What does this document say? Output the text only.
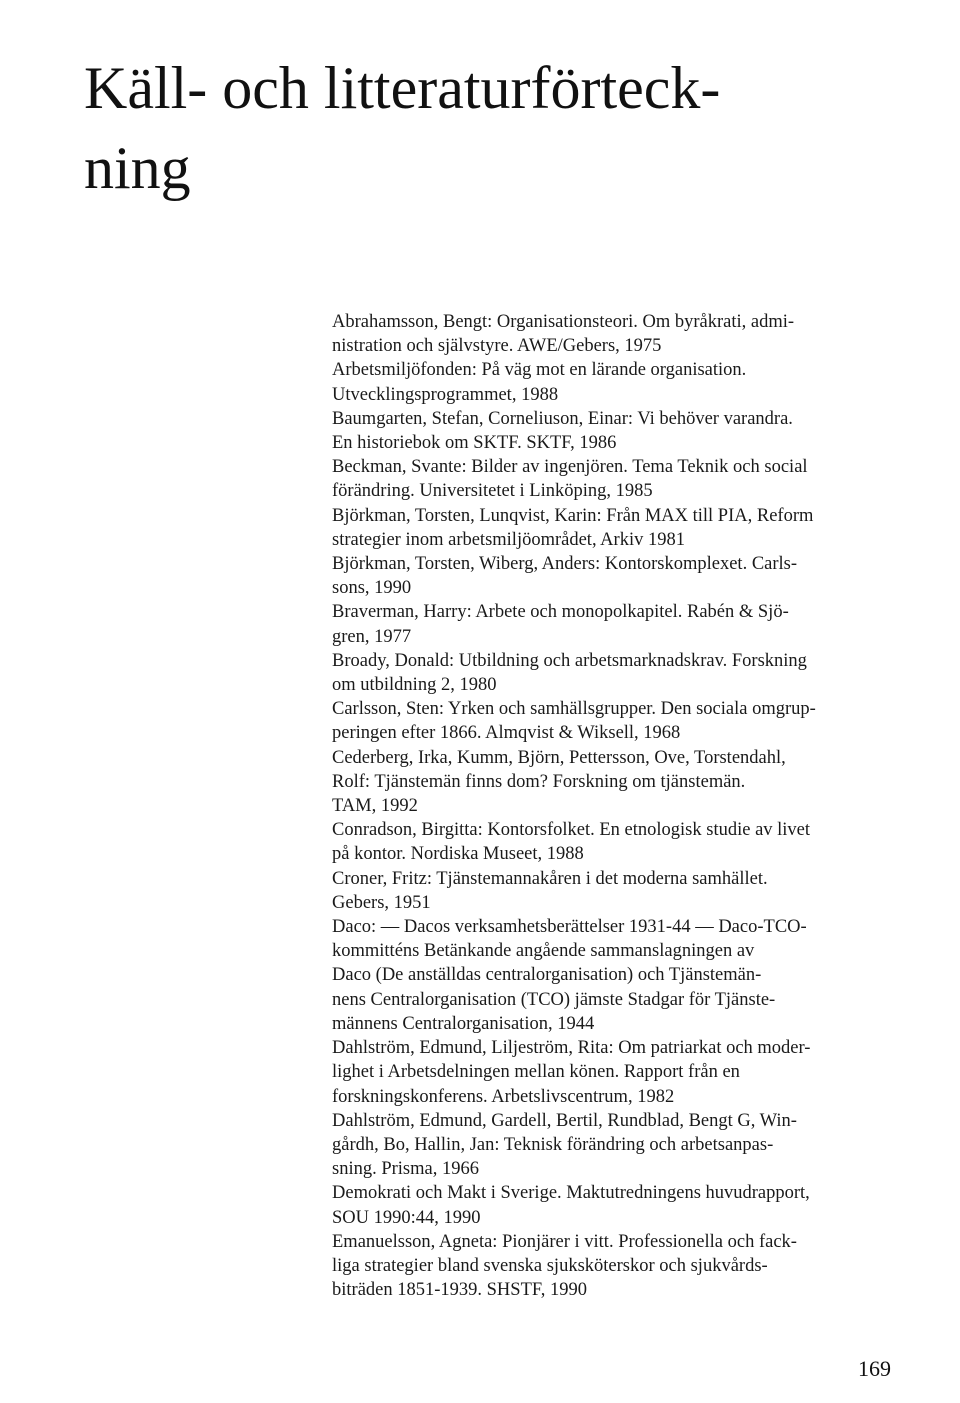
Käll- och litteraturförteck-
ning
Abrahamsson, Bengt: Organisationsteori. Om byråkrati, admi-
nistration och självstyre. AWE/Gebers, 1975
Arbetsmiljöfonden: På väg mot en lärande organisation.
Utvecklingsprogrammet, 1988
Baumgarten, Stefan, Corneliuson, Einar: Vi behöver varandra.
En historiebok om SKTF. SKTF, 1986
Beckman, Svante: Bilder av ingenjören. Tema Teknik och social
förändring. Universitetet i Linköping, 1985
Björkman, Torsten, Lunqvist, Karin: Från MAX till PIA, Reform
strategier inom arbetsmiljöområdet, Arkiv 1981
Björkman, Torsten, Wiberg, Anders: Kontorskomplexet. Carls-
sons, 1990
Braverman, Harry: Arbete och monopolkapitel. Rabén & Sjö-
gren, 1977
Broady, Donald: Utbildning och arbetsmarknadskrav. Forskning
om utbildning 2, 1980
Carlsson, Sten: Yrken och samhällsgrupper. Den sociala omgrup-
peringen efter 1866. Almqvist & Wiksell, 1968
Cederberg, Irka, Kumm, Björn, Pettersson, Ove, Torstendahl,
Rolf: Tjänstemän finns dom? Forskning om tjänstemän.
TAM, 1992
Conradson, Birgitta: Kontorsfolket. En etnologisk studie av livet
på kontor. Nordiska Museet, 1988
Croner, Fritz: Tjänstemannakåren i det moderna samhället.
Gebers, 1951
Daco: — Dacos verksamhetsberättelser 1931-44 — Daco-TCO-
kommitténs Betänkande angående sammanslagningen av
Daco (De anställdas centralorganisation) och Tjänstemän-
nens Centralorganisation (TCO) jämste Stadgar för Tjänste-
männens Centralorganisation, 1944
Dahlström, Edmund, Liljeström, Rita: Om patriarkat och moder-
lighet i Arbetsdelningen mellan könen. Rapport från en
forskningskonferens. Arbetslivscentrum, 1982
Dahlström, Edmund, Gardell, Bertil, Rundblad, Bengt G, Win-
gårdh, Bo, Hallin, Jan: Teknisk förändring och arbetsanpas-
sning. Prisma, 1966
Demokrati och Makt i Sverige. Maktutredningens huvudrapport,
SOU 1990:44, 1990
Emanuelsson, Agneta: Pionjärer i vitt. Professionella och fack-
liga strategier bland svenska sjuksköterskor och sjukvårds-
biträden 1851-1939. SHSTF, 1990
169
